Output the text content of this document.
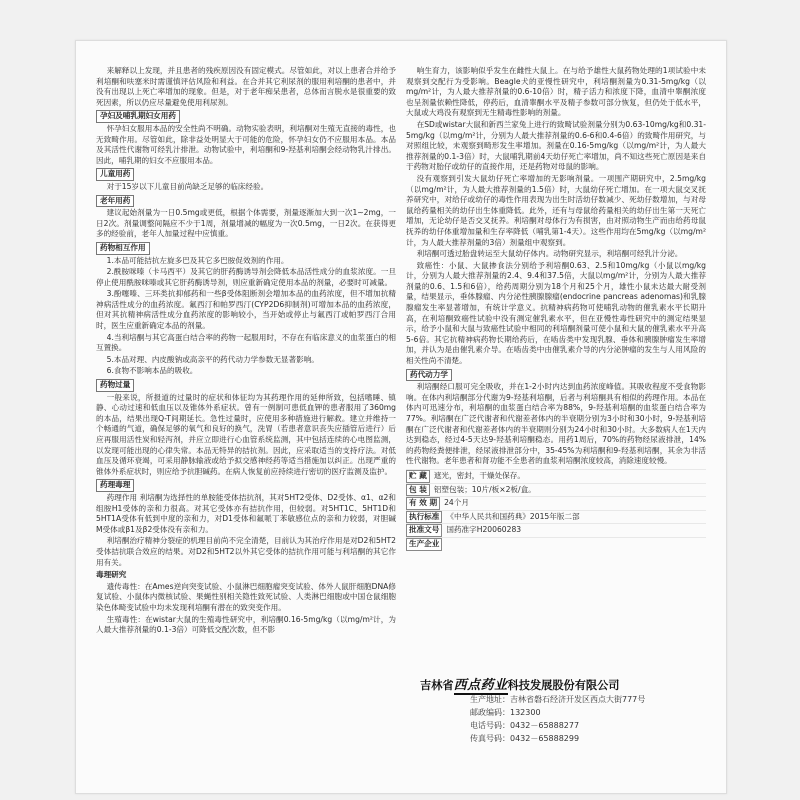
来解释以上发现，并且患者的残疾原因没有固定模式。尽管如此，对以上患者合并给予利培酮和呋塞米时需谨慎评估风险和利益。在合并其它利尿剂的服用利培酮的患者中，并没有出现以上死亡率增加的现象。但是，对于老年痴呆患者，总体而言脱水是很重要的致死因素，所以仍应尽量避免使用利尿剂。

孕妇及哺乳期妇女用药

怀孕妇女服用本品的安全性尚不明确。动物实验表明，利培酮对生殖无直接的毒性，也无致畸作用。尽管如此，除非益处明显大于可能的危险，怀孕妇女仍不应服用本品。本品及其活性代谢物可经乳汁排泄。动物试验中，利培酮和9-羟基利培酮会经动物乳汁排出。因此，哺乳期的妇女不应服用本品。

儿童用药

对于15岁以下儿童目前尚缺乏足够的临床经验。

老年用药

建议起始剂量为一日0.5mg或更低，根据个体需要，剂量逐渐加大到一次1~2mg，一日2次。剂量调整间隔应不少于1周，剂量增减的幅度为一次0.5mg，一日2次。在获得更多的经验前，老年人加量过程中应慎重。

药物相互作用

1.本品可能拮抗左旋多巴及其它多巴胺促效剂的作用。

2.酰胺咪嗪（卡马西平）及其它的肝药酶诱导剂会降低本品活性成分的血浆浓度。一旦停止使用酰胺咪嗪或其它肝药酶诱导剂，则应重新确定使用本品的剂量，必要时可减量。

3.酚噻嗪、三环类抗抑郁药和一些β受体阻断剂会增加本品的血药浓度，但不增加抗精神病活性成分的血药浓度。氟西汀和帕罗西汀(CYP2D6抑制剂)可增加本品的血药浓度，但对其抗精神病活性成分血药浓度的影响较小，当开始或停止与氟西汀或帕罗西汀合用时，医生应重新确定本品的剂量。

4.当利培酮与其它高蛋白结合率的药物一起服用时，不存在有临床意义的血浆蛋白的相互置换。

5.本品对理、内皮酸钠或高亲平的药代动力学参数无显著影响。

6.食物不影响本品的吸收。

药物过量

一般来说，所报道的过量时的症状和体征均为其药理作用的延伸所致，包括嗜睡、镇静、心动过速和低血压以及锥体外系症状。曾有一例制可患低血钾的患者服用了360mg的本品，结果出现Q-T间期延长。急性过量时，应使用多种措施进行解救。建立并维持一个畅通的气道，确保足够的氧气和良好的换气，洗胃（若患者意识丧失应插管后进行）后应再服用活性炭和轻泻剂，并应立即进行心血管系统监测，其中包括连续的心电图监测，以发现可能出现的心律失常。本品无特异的拮抗剂。因此，应采取适当的支持疗法。对低血压及循环衰竭，可采用静脉输液或给予拟交感神经药等适当措施加以纠正。出现严重的锥体外系症状时，则应给予抗胆碱药。在病人恢复前应持续进行密切的医疗监测及监护。

药理毒理

药理作用 利培酮为选择性的单胺能受体拮抗剂，其对5HT2受体、D2受体、α1、α2和组胺H1受体的亲和力很高。对其它受体亦有拮抗作用，但较弱。对5HT1C、5HT1D和5HT1A受体有低到中度的亲和力，对D1受体和氟哌丁苯敏感位点的亲和力较弱，对胆碱M受体或β1及β2受体没有亲和力。

利培酮治疗精神分裂症的机理目前尚不完全清楚，目前认为其治疗作用是对D2和5HT2受体拮抗联合效应的结果。对D2和5HT2以外其它受体的拮抗作用可能与利培酮的其它作用有关。

毒理研究

遗传毒性：在Ames逆向突变试验、小鼠淋巴细胞瘤突变试验、体外人鼠肝细胞DNA修复试验、小鼠体内微核试验、果蝇性别相关隐性致死试验、人类淋巴细胞或中国仓鼠细胞染色体畸变试验中均未发现利培酮有潜在的致突变作用。

生殖毒性：在wistar大鼠的生殖毒性研究中，利培酮0.16-5mg/kg（以mg/m²计，为人最大推荐剂量的0.1-3倍）可降低交配次数，但不影

响生育力，该影响似乎发生在雌性大鼠上。在与给予雄性大鼠药物处理的1项试验中未观察到交配行为受影响。Beagle犬的亚慢性研究中，利培酮剂量为0.31-5mg/kg（以mg/m²计，为人最大推荐剂量的0.6-10倍）时，精子活力和浓度下降，血清中睾酮浓度也呈剂量依赖性降低，停药后，血清睾酮水平及精子参数可部分恢复，但仍处于低水平，大鼠或大鸡没有观察到无生精毒性影响的剂量。

在SD或wistar大鼠和新西兰家兔上进行的致畸试验剂量分别为0.63-10mg/kg和0.31-5mg/kg（以mg/m²计，分别为人最大推荐剂量的0.6-6和0.4-6倍）的致畸作用研究，与对照组比较，未观察到畸形发生率增加。剂量在0.16-5mg/kg（以mg/m²计，为人最大推荐剂量的0.1-3倍）时，大鼠哺乳期前4天幼仔死亡率增加，尚不知这些死亡原因是来自于药物对胎仔或幼仔的直接作用，还是药物对母鼠的影响。

没有观察到引发大鼠幼仔死亡率增加的无影响剂量。一项围产期研究中，2.5mg/kg（以mg/m²计，为人最大推荐剂量的1.5倍）时，大鼠幼仔死亡增加。在一项大鼠交叉抚养研究中，对给仔或幼仔的毒性作用表现为出生时活幼仔数减少、死幼仔数增加，与对母鼠给药量相关的幼仔出生体重降低。此外，还有与母鼠给药量相关的幼仔出生第一天死亡增加，无论幼仔是否交叉抚养。利培酮对母体行为有损害，由对照动物生产而由给药母鼠抚养的幼仔体重增加量和生存率降低（哺乳第1-4天）。这些作用均在5mg/kg（以mg/m²计，为人最大推荐剂量的3倍）剂量组中观察到。

利培酮可透过胎盘转运至大鼠幼仔体内。动物研究显示，利培酮可经乳汁分泌。

致癌性：小鼠、大鼠掺食法分别给予利培酮0.63、2.5和10mg/kg（小鼠以mg/kg计，分别为人最大推荐剂量的2.4、9.4和37.5倍，大鼠以mg/m²计，分别为人最大推荐剂量的0.6、1.5和6倍），给药周期分别为18个月和25个月，雄性小鼠未达最大耐受剂量，结果显示，垂体腺瘤、内分泌性胰腺腺瘤(endocrine pancreas adenomas)和乳腺腺瘤发生率显著增加，有统计学意义。抗精神病药物可使哺乳动物的催乳素水平长期升高，在利培酮致癌性试验中没有测定催乳素水平，但在亚慢性毒性研究中的测定结果显示，给予小鼠和大鼠与致癌性试验中相同的利培酮剂量可使小鼠和大鼠的催乳素水平升高5-6倍。其它抗精神病药物长期给药后，在啮齿类中发现乳腺、垂体和胰腺肿瘤发生率增加，并认为是由催乳素介导。在啮齿类中由催乳素介导的内分泌肿瘤的发生与人用风险的相关性尚不清楚。

药代动力学

利培酮经口服可完全吸收，并在1-2小时内达到血药浓度峰值。其吸收程度不受食物影响。在体内利培酮部分代谢为9-羟基利培酮，后者与利培酮具有相似的药理作用。本品在体内可迅速分布，利培酮的血浆蛋白结合率为88%，9-羟基利培酮的血浆蛋白结合率为77%。利培酮在广泛代谢者和代谢差者体内的半衰期分别为3小时和30小时，9-羟基利培酮在广泛代谢者和代谢差者体内的半衰期则分别为24小时和30小时。大多数病人在1天内达到稳态，经过4-5天达9-羟基利培酮稳态。用药1周后，70%的药物经尿液排泄，14%的药物经粪便排泄，经尿液排泄部分中，35-45%为利培酮和9-羟基利培酮，其余为非活性代谢物。老年患者和肾功能不全患者的血浆利培酮浓度较高，消除速度较慢。

贮 藏 遮光，密封，干燥处保存。
包 装 铝塑包装；10片/板×2板/盒。
有 效 期 24个月
执行标准 《中华人民共和国药典》2015年版二部
批准文号 国药准字H20060283
生产企业
吉林省西点药业科技发展股份有限公司
生产地址：吉林省磐石经济开发区西点大街777号
邮政编码：132300
电话号码：0432－65888277
传真号码：0432－65888299
